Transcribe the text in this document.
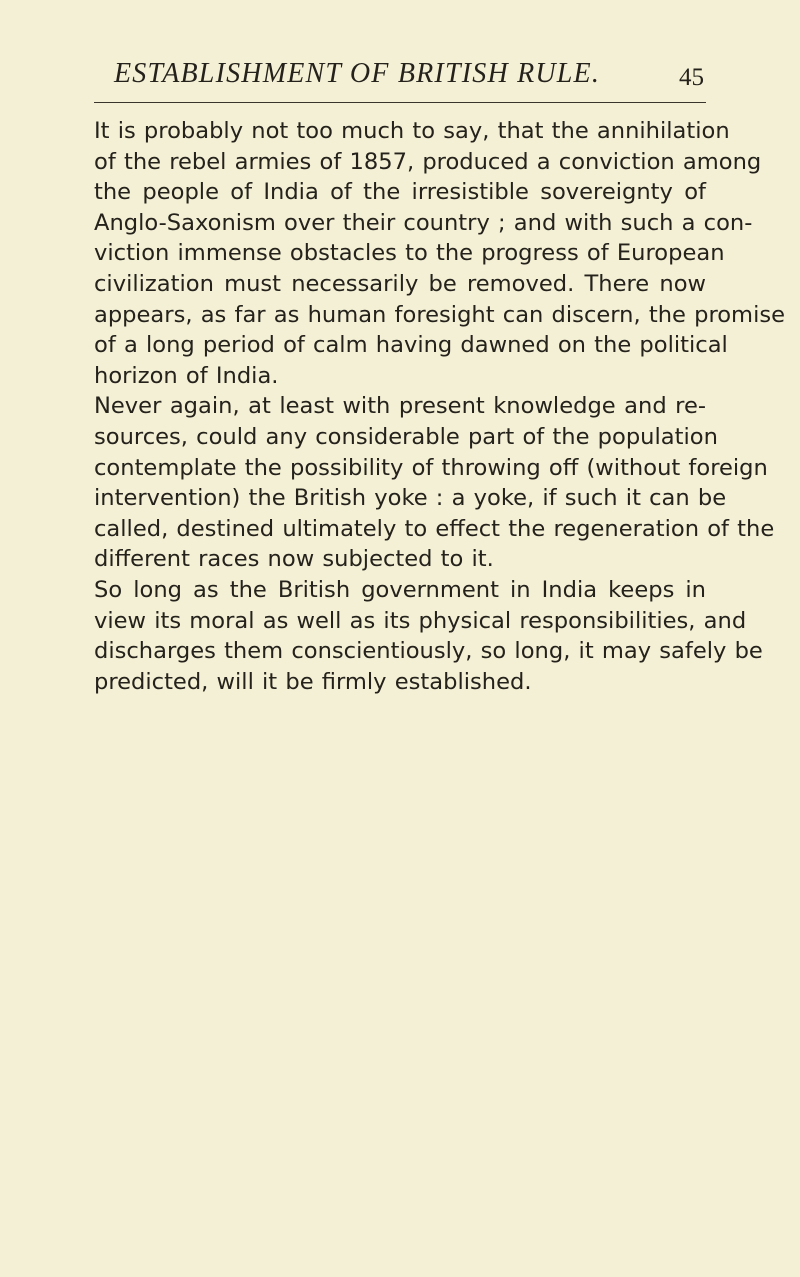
ESTABLISHMENT OF BRITISH RULE.	45
It is probably not too much to say, that the annihilation
of the rebel armies of 1857, produced a conviction among
the people of India of the irresistible sovereignty of
Anglo-Saxonism over their country ; and with such a con-
viction immense obstacles to the progress of European
civilization must necessarily be removed. There now
appears, as far as human foresight can discern, the promise
of a long period of calm having dawned on the political
horizon of India.
Never again, at least with present knowledge and re-
sources, could any considerable part of the population
contemplate the possibility of throwing off (without foreign
intervention) the British yoke : a yoke, if such it can be
called, destined ultimately to effect the regeneration of the
different races now subjected to it.
So long as the British government in India keeps in
view its moral as well as its physical responsibilities, and
discharges them conscientiously, so long, it may safely be
predicted, will it be firmly established.
